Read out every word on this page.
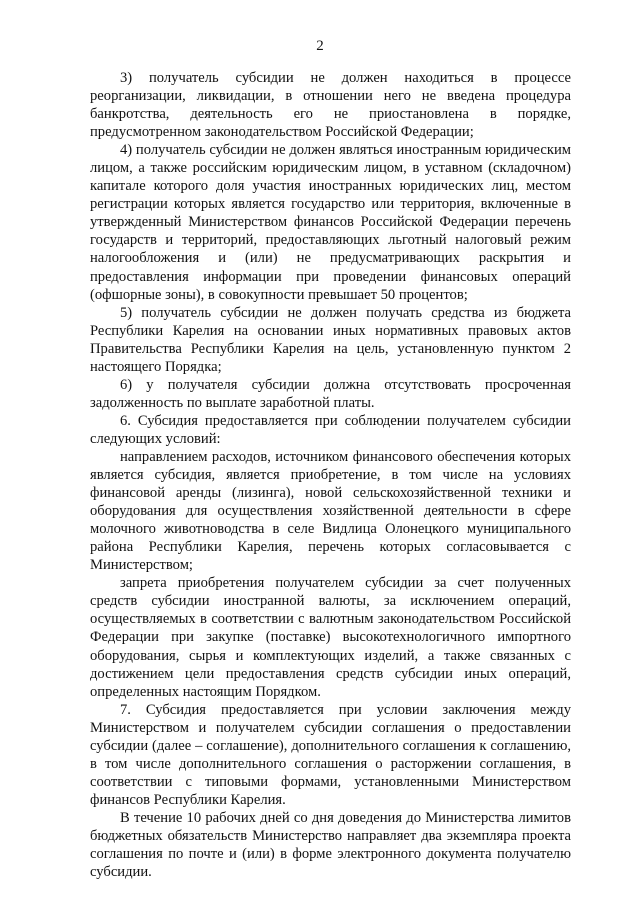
2

3) получатель субсидии не должен находиться в процессе реорганизации, ликвидации, в отношении него не введена процедура банкротства, деятельность его не приостановлена в порядке, предусмотренном законодательством Российской Федерации;

4) получатель субсидии не должен являться иностранным юридическим лицом, а также российским юридическим лицом, в уставном (складочном) капитале которого доля участия иностранных юридических лиц, местом регистрации которых является государство или территория, включенные в утвержденный Министерством финансов Российской Федерации перечень государств и территорий, предоставляющих льготный налоговый режим налогообложения и (или) не предусматривающих раскрытия и предоставления информации при проведении финансовых операций (офшорные зоны), в совокупности превышает 50 процентов;

5) получатель субсидии не должен получать средства из бюджета Республики Карелия на основании иных нормативных правовых актов Правительства Республики Карелия на цель, установленную пунктом 2 настоящего Порядка;

6) у получателя субсидии должна отсутствовать просроченная задолженность по выплате заработной платы.

6. Субсидия предоставляется при соблюдении получателем субсидии следующих условий:

направлением расходов, источником финансового обеспечения которых является субсидия, является приобретение, в том числе на условиях финансовой аренды (лизинга), новой сельскохозяйственной техники и оборудования для осуществления хозяйственной деятельности в сфере молочного животноводства в селе Видлица Олонецкого муниципального района Республики Карелия, перечень которых согласовывается с Министерством;

запрета приобретения получателем субсидии за счет полученных средств субсидии иностранной валюты, за исключением операций, осуществляемых в соответствии с валютным законодательством Российской Федерации при закупке (поставке) высокотехнологичного импортного оборудования, сырья и комплектующих изделий, а также связанных с достижением цели предоставления средств субсидии иных операций, определенных настоящим Порядком.

7. Субсидия предоставляется при условии заключения между Министерством и получателем субсидии соглашения о предоставлении субсидии (далее – соглашение), дополнительного соглашения к соглашению, в том числе дополнительного соглашения о расторжении соглашения, в соответствии с типовыми формами, установленными Министерством финансов Республики Карелия.

В течение 10 рабочих дней со дня доведения до Министерства лимитов бюджетных обязательств Министерство направляет два экземпляра проекта соглашения по почте и (или) в форме электронного документа получателю субсидии.
